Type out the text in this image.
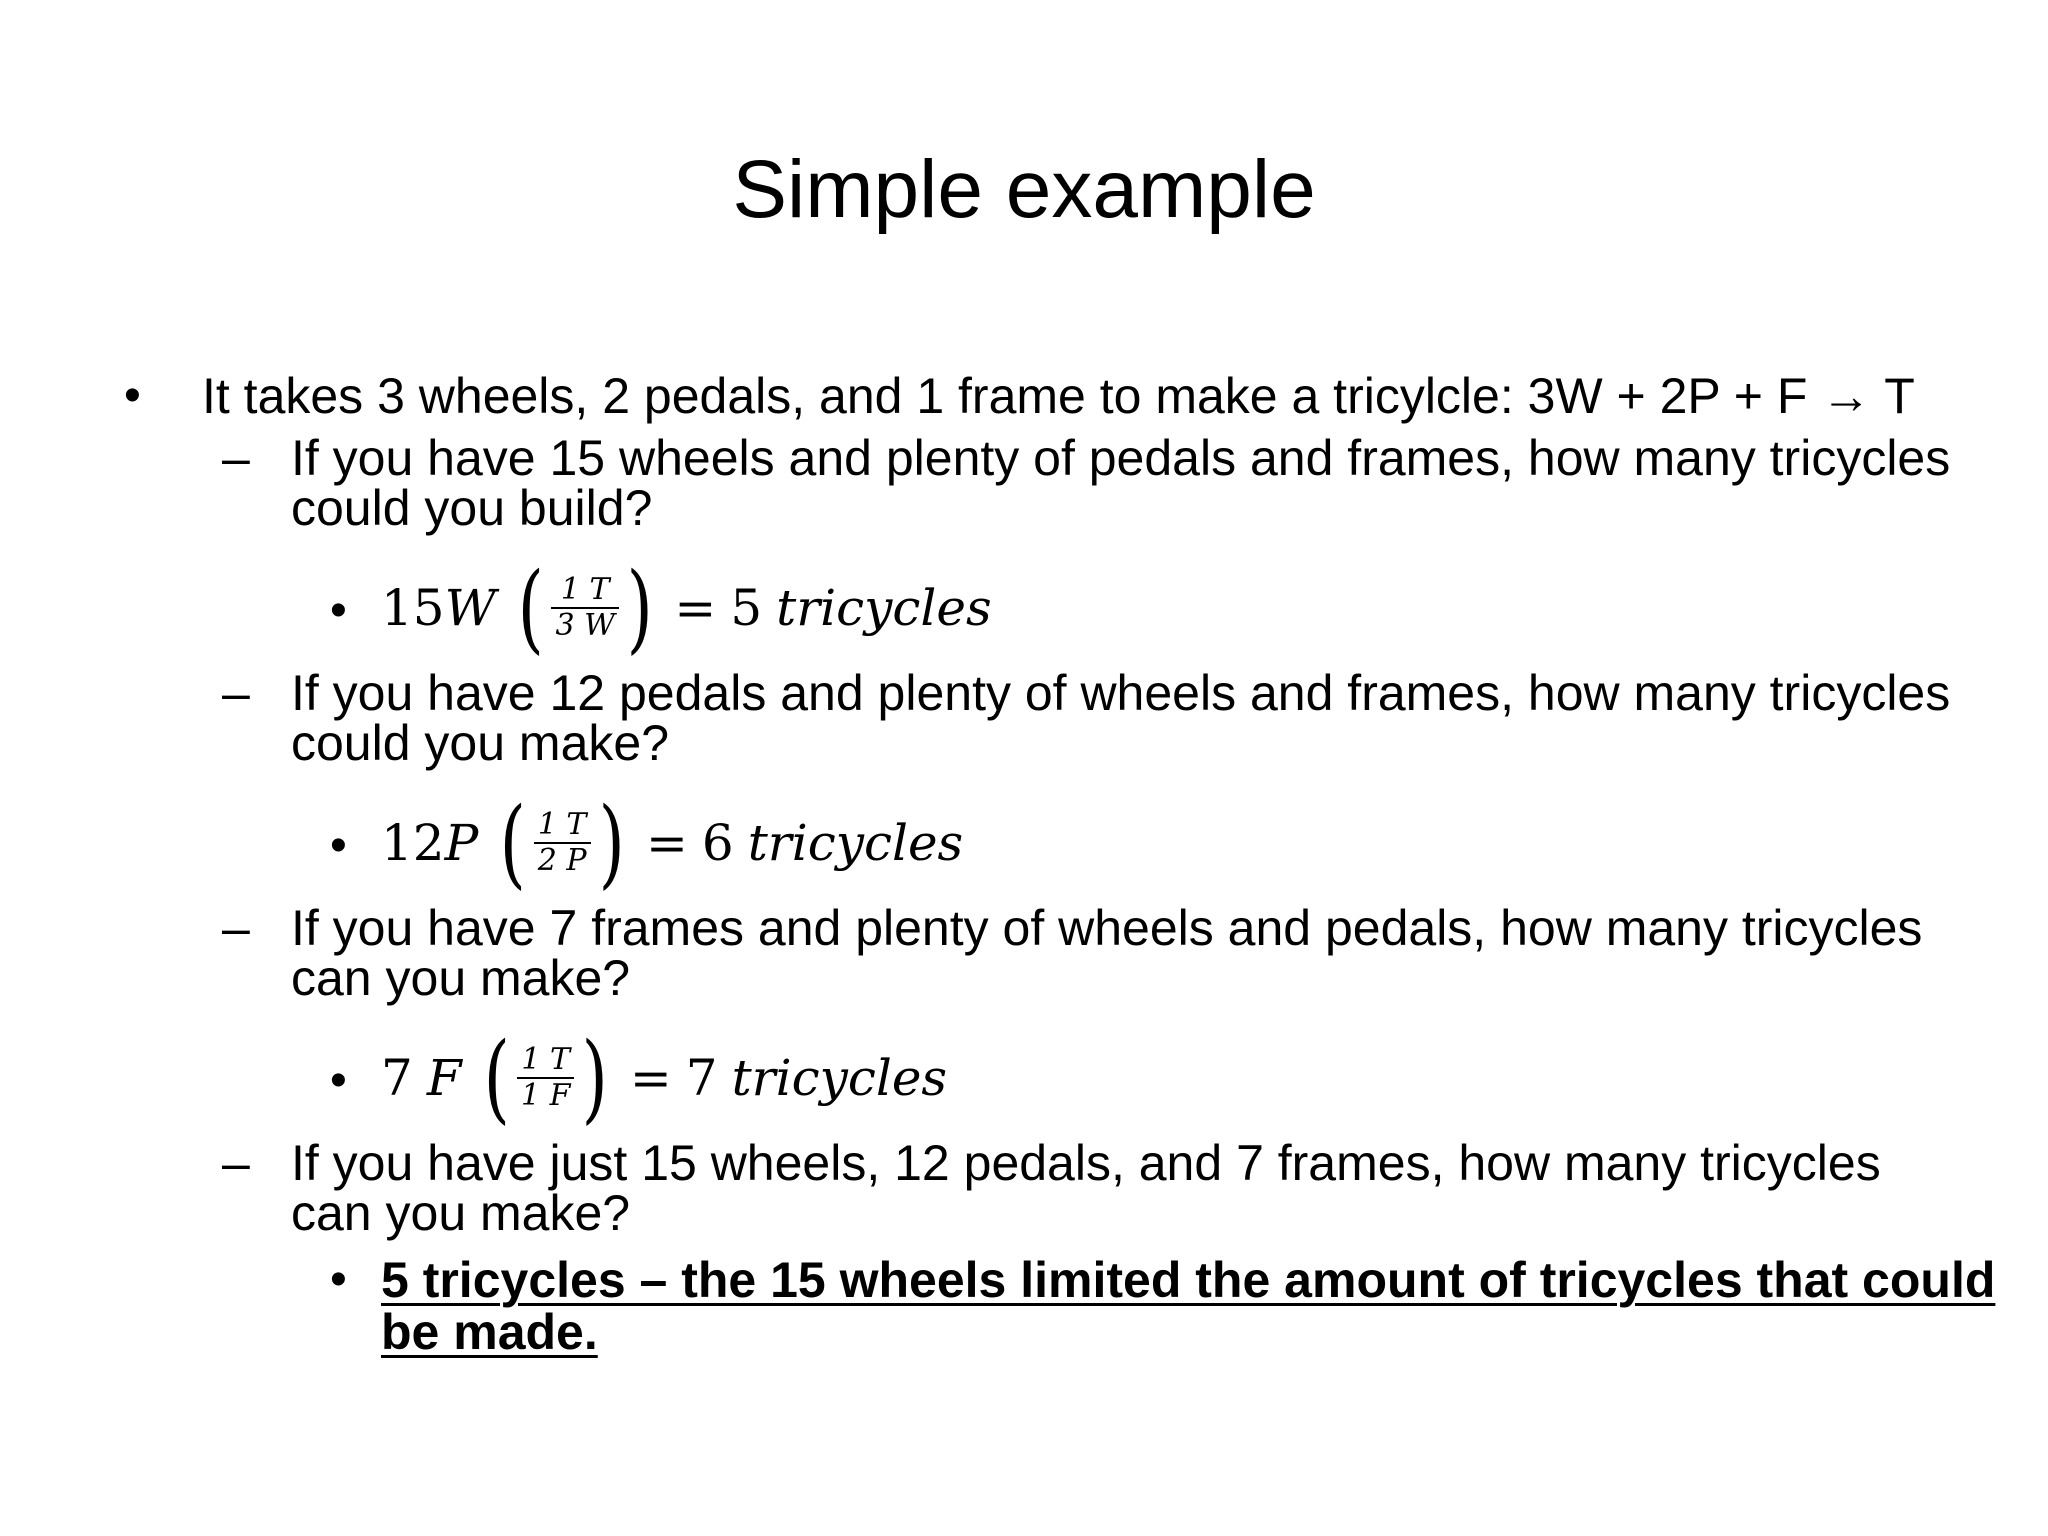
Simple example
• It takes 3 wheels, 2 pedals, and 1 frame to make a tricylcle: 3W + 2P + F → T
– If you have 15 wheels and plenty of pedals and frames, how many tricycles
could you build?
• 15 W ( $\frac{1 T}{3 W}$ ) = 5 tricycles
– If you have 12 pedals and plenty of wheels and frames, how many tricycles
could you make?
• 12 P ( $\frac{1 T}{2 P}$ ) = 6 tricycles
– If you have 7 frames and plenty of wheels and pedals, how many tricycles
can you make?
• 7 F ( $\frac{1 T}{1 F}$ ) = 7 tricycles
– If you have just 15 wheels, 12 pedals, and 7 frames, how many tricycles
can you make?
• 5 tricycles – the 15 wheels limited the amount of tricycles that could
be made.
